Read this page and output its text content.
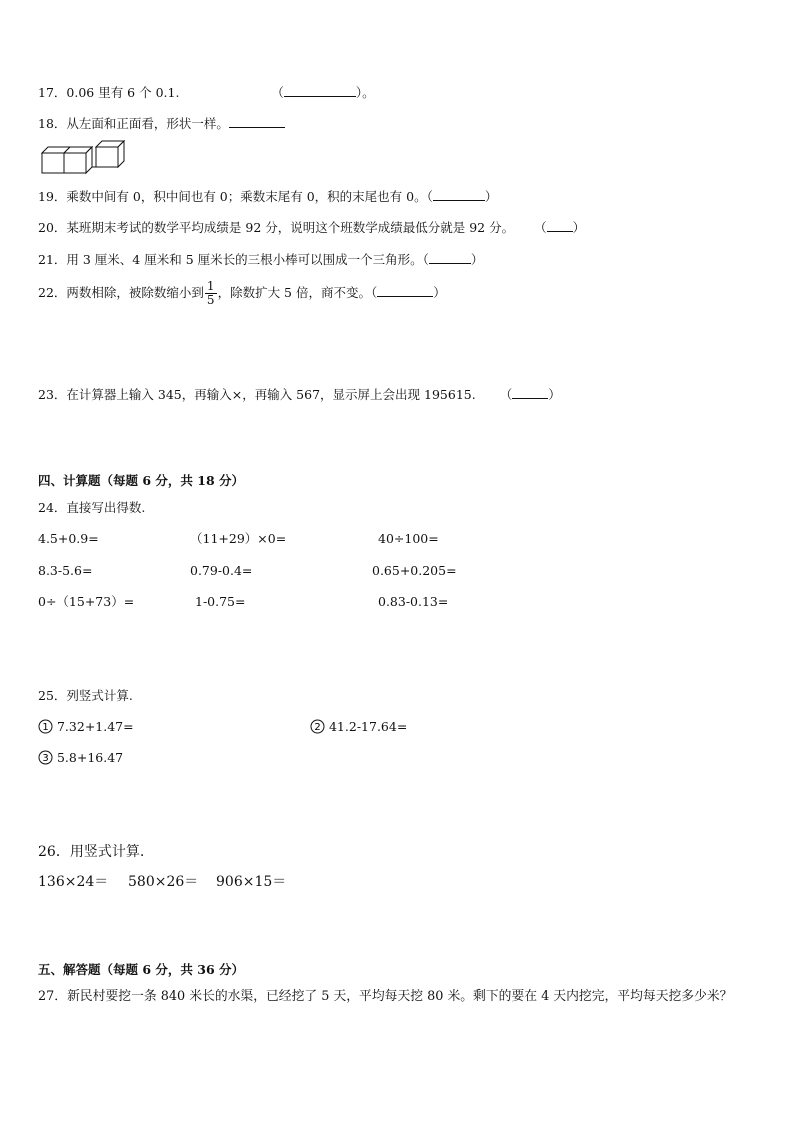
17．0.06 里有 6 个 0.1.	（	）。
18．从左面和正面看，形状一样。
19．乘数中间有 0，积中间也有 0；乘数末尾有 0，积的末尾也有 0。（	）
20．某班期末考试的数学平均成绩是 92 分，说明这个班数学成绩最低分就是 92 分。 （ ）
21．用 3 厘米、4 厘米和 5 厘米长的三根小棒可以围成一个三角形。（	）
22．两数相除，被除数缩小到 $\frac{1}{5}$ ，除数扩大 5 倍，商不变。（	）
23．在计算器上输入 345，再输入×，再输入 567，显示屏上会出现 195615. （	）
四、计算题（每题 6 分，共 18 分）
24．直接写出得数.
4.5+0.9=	（11+29）×0=	40÷100=
8.3-5.6=	0.79-0.4=	0.65+0.205=
0÷（15+73）=	1-0.75=	0.83-0.13=
25．列竖式计算.
1 7.32+1.47=	2 41.2-17.64=
3 5.8+16.47
26．用竖式计算.
136×24＝ 580×26＝ 906×15＝
五、解答题（每题 6 分，共 36 分）
27．新民村要挖一条 840 米长的水渠，已经挖了 5 天，平均每天挖 80 米。剩下的要在 4 天内挖完，平均每天挖多少米？
